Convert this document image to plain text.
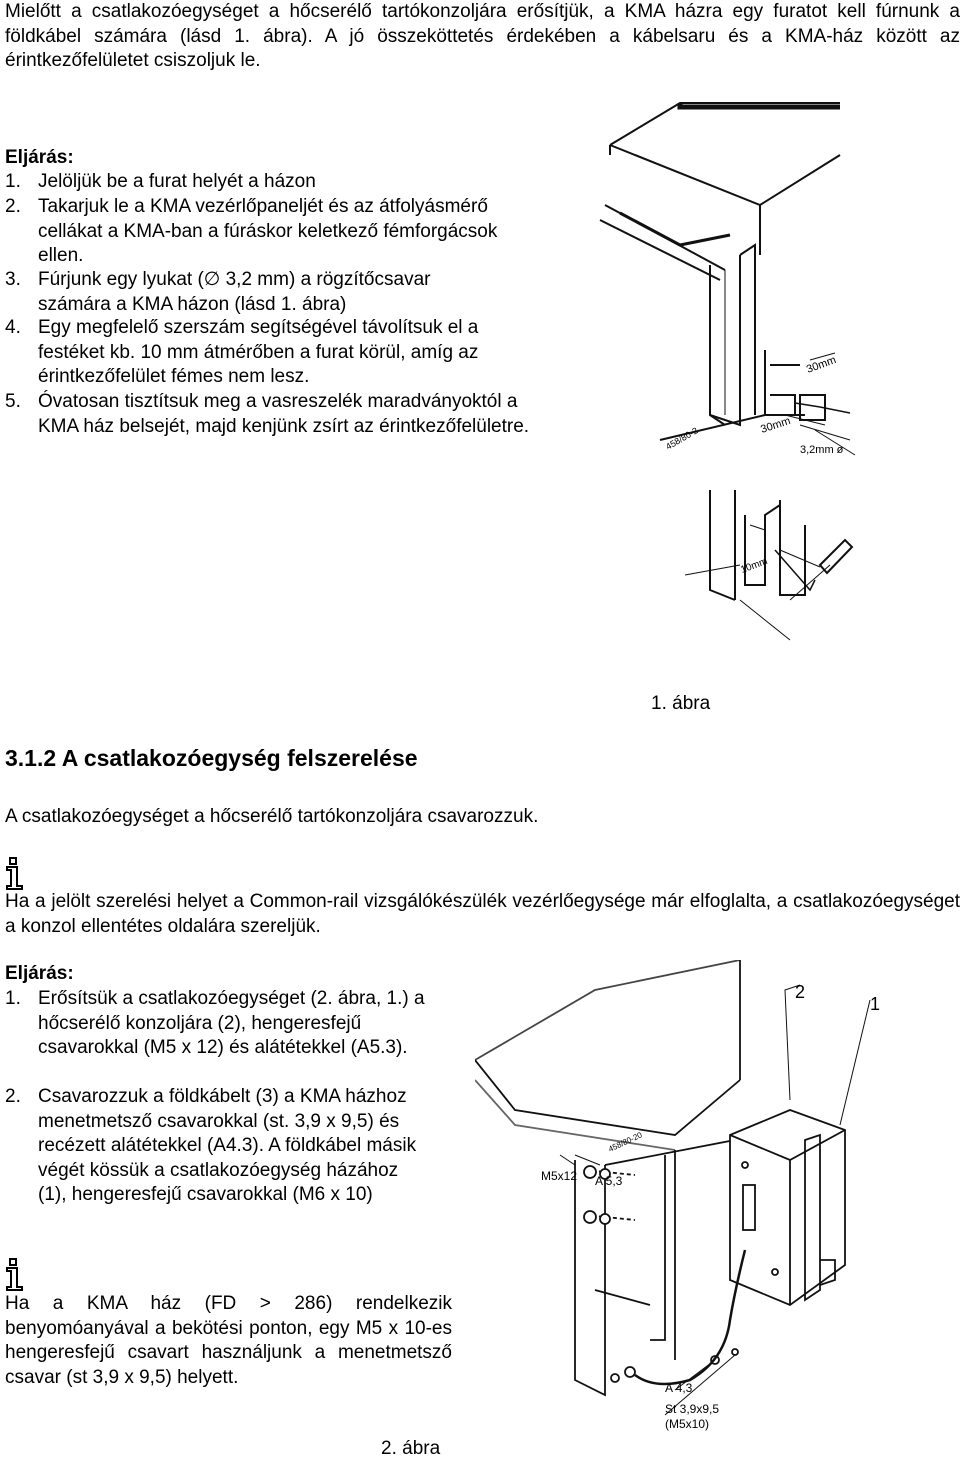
Mielőtt a csatlakozóegységet a hőcserélő tartókonzoljára erősítjük, a KMA házra egy furatot kell fúrnunk a földkábel számára (lásd 1. ábra). A jó összeköttetés érdekében a kábelsaru és a KMA-ház között az érintkezőfelületet csiszoljuk le.

Eljárás:

1. Jelöljük be a furat helyét a házon
2. Takarjuk le a KMA vezérlőpaneljét és az átfolyásmérő cellákat a KMA-ban a fúráskor keletkező fémforgácsok ellen.
3. Fúrjunk egy lyukat (∅ 3,2 mm) a rögzítőcsavar számára a KMA házon (lásd 1. ábra)
4. Egy megfelelő szerszám segítségével távolítsuk el a festéket kb. 10 mm átmérőben a furat körül, amíg az érintkezőfelület fémes nem lesz.
5. Óvatosan tisztítsuk meg a vasreszelék maradványoktól a KMA ház belsejét, majd kenjünk zsírt az érintkezőfelületre.
30mm
30mm
3,2mm ø
458/80-2
10mm
1. ábra
3.1.2 A csatlakozóegység felszerelése

A csatlakozóegységet a hőcserélő tartókonzoljára csavarozzuk.

Ha a jelölt szerelési helyet a Common-rail vizsgálókészülék vezérlőegysége már elfoglalta, a csatlakozóegységet a konzol ellentétes oldalára szereljük.

Eljárás:

1. Erősítsük a csatlakozóegységet (2. ábra, 1.) a hőcserélő konzoljára (2), hengeresfejű csavarokkal (M5 x 12) és alátétekkel (A5.3).
2. Csavarozzuk a földkábelt (3) a KMA házhoz menetmetsző csavarokkal (st. 3,9 x 9,5) és recézett alátétekkel (A4.3). A földkábel másik végét kössük a csatlakozóegység házához (1), hengeresfejű csavarokkal (M6 x 10)

Ha a KMA ház (FD > 286) rendelkezik benyomóanyával a bekötési ponton, egy M5 x 10-es hengeresfejű csavart használjunk a menetmetsző csavar (st 3,9 x 9,5) helyett.

2
1
M5x12 A 5,3
458/80-20
A 4,3
St 3,9x9,5
(M5x10)
2. ábra
